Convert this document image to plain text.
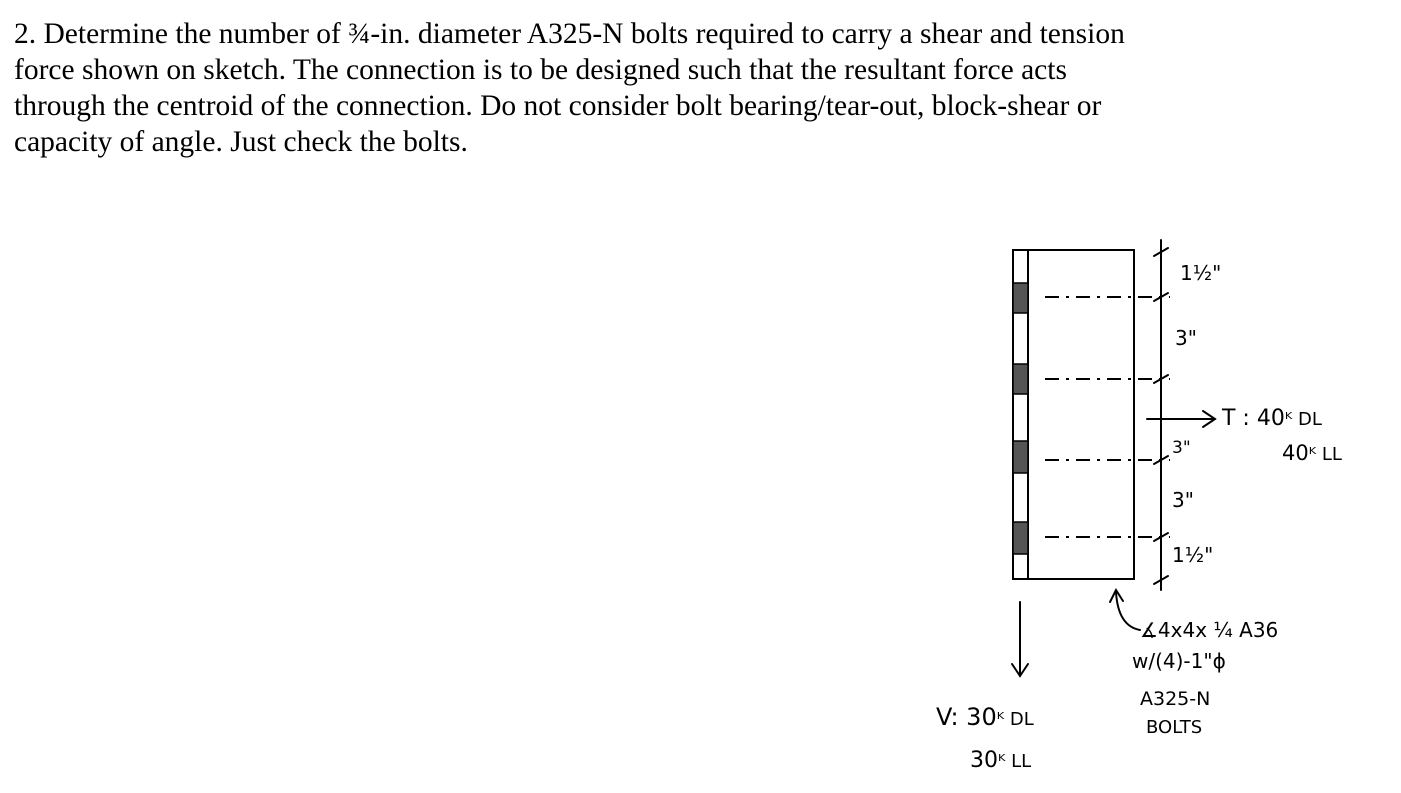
2. Determine the number of ¾-in. diameter A325-N bolts required to carry a shear and tension

force shown on sketch. The connection is to be designed such that the resultant force acts

through the centroid of the connection. Do not consider bolt bearing/tear-out, block-shear or

capacity of angle. Just check the bolts.

1½"
3"
3"
3"
1½"
T : 40ᴷ DL
40ᴷ LL
V: 30ᴷ DL
30ᴷ LL
∡4x4x ¼ A36
w/(4)-1"ϕ
A325-N
BOLTS
